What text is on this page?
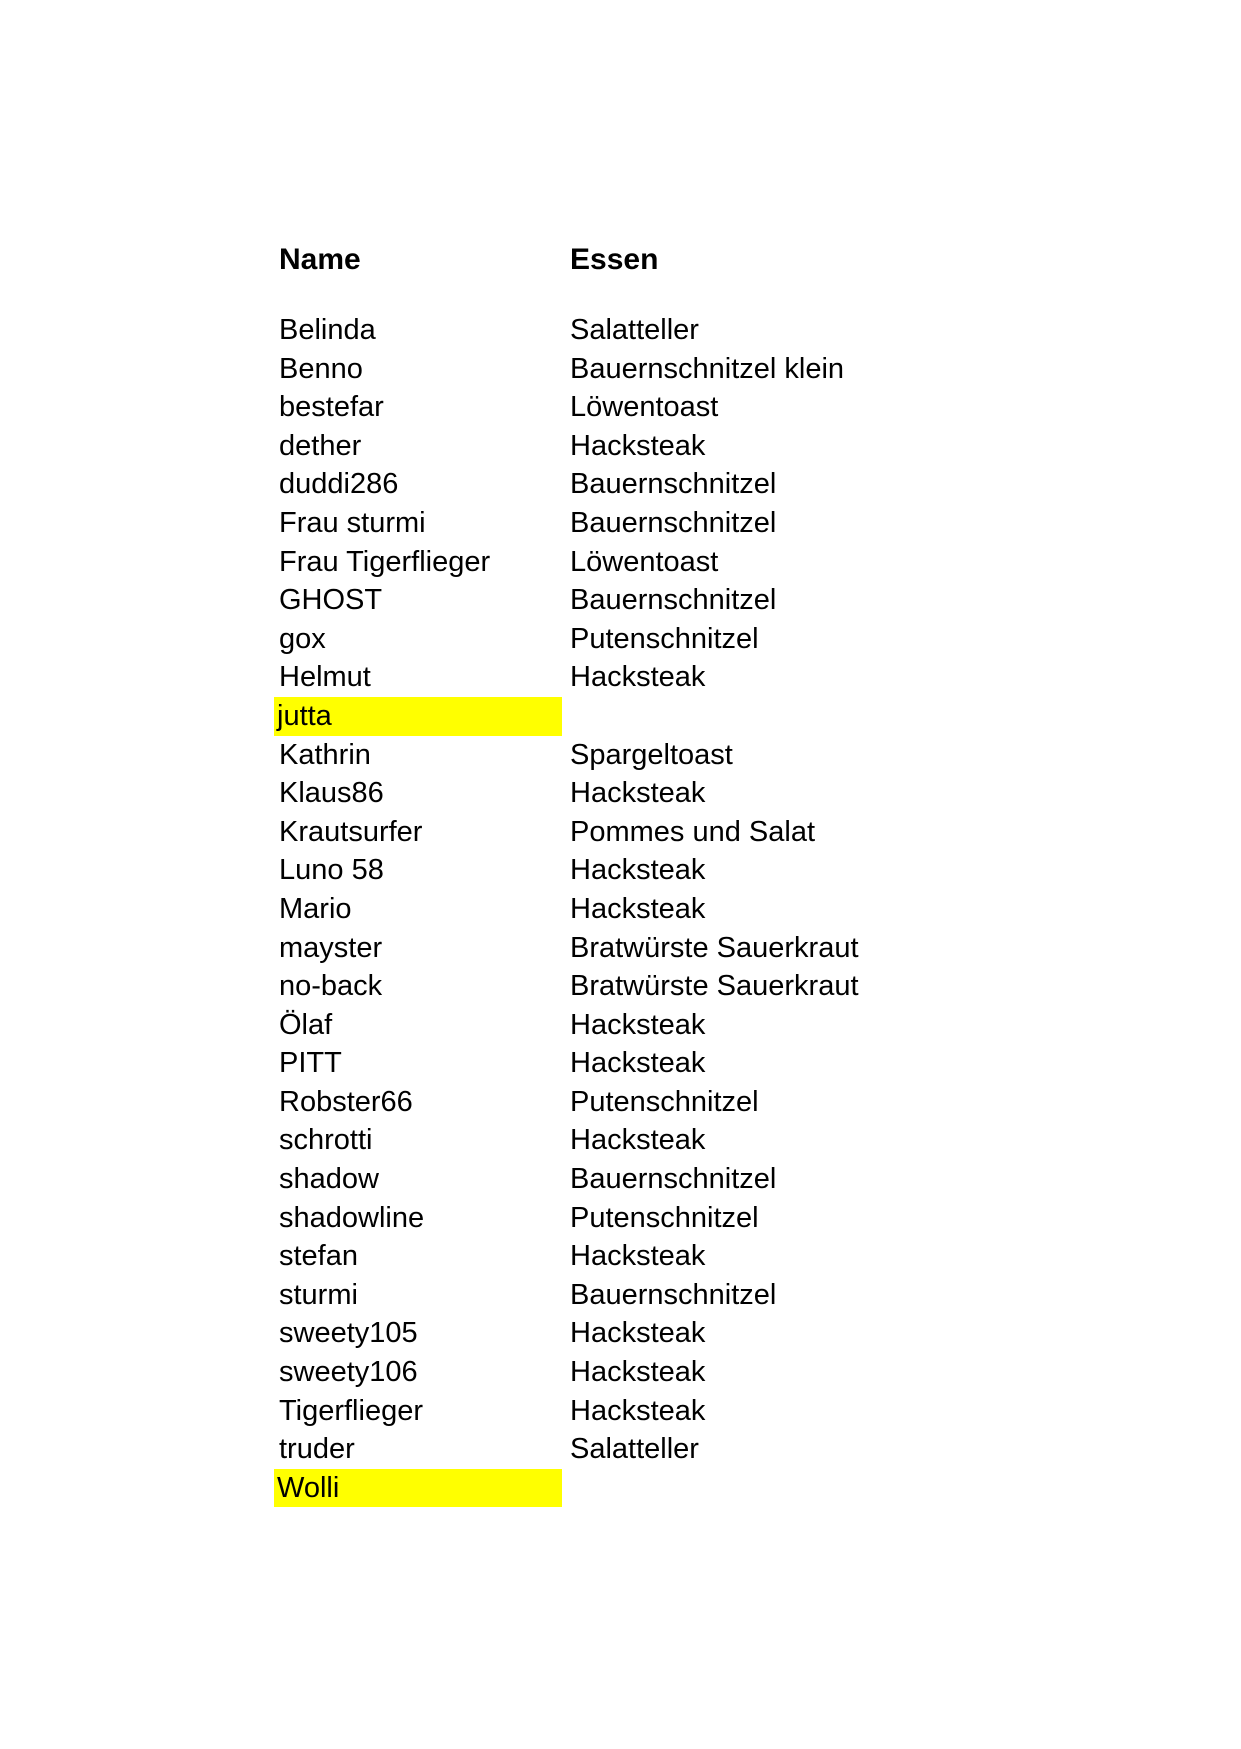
Name	Essen
Belinda	Salatteller
Benno	Bauernschnitzel klein
bestefar	Löwentoast
dether	Hacksteak
duddi286	Bauernschnitzel
Frau sturmi	Bauernschnitzel
Frau Tigerflieger	Löwentoast
GHOST	Bauernschnitzel
gox	Putenschnitzel
Helmut	Hacksteak
jutta
Kathrin	Spargeltoast
Klaus86	Hacksteak
Krautsurfer	Pommes und Salat
Luno 58	Hacksteak
Mario	Hacksteak
mayster	Bratwürste Sauerkraut
no-back	Bratwürste Sauerkraut
Ölaf	Hacksteak
PITT	Hacksteak
Robster66	Putenschnitzel
schrotti	Hacksteak
shadow	Bauernschnitzel
shadowline	Putenschnitzel
stefan	Hacksteak
sturmi	Bauernschnitzel
sweety105	Hacksteak
sweety106	Hacksteak
Tigerflieger	Hacksteak
truder	Salatteller
Wolli
